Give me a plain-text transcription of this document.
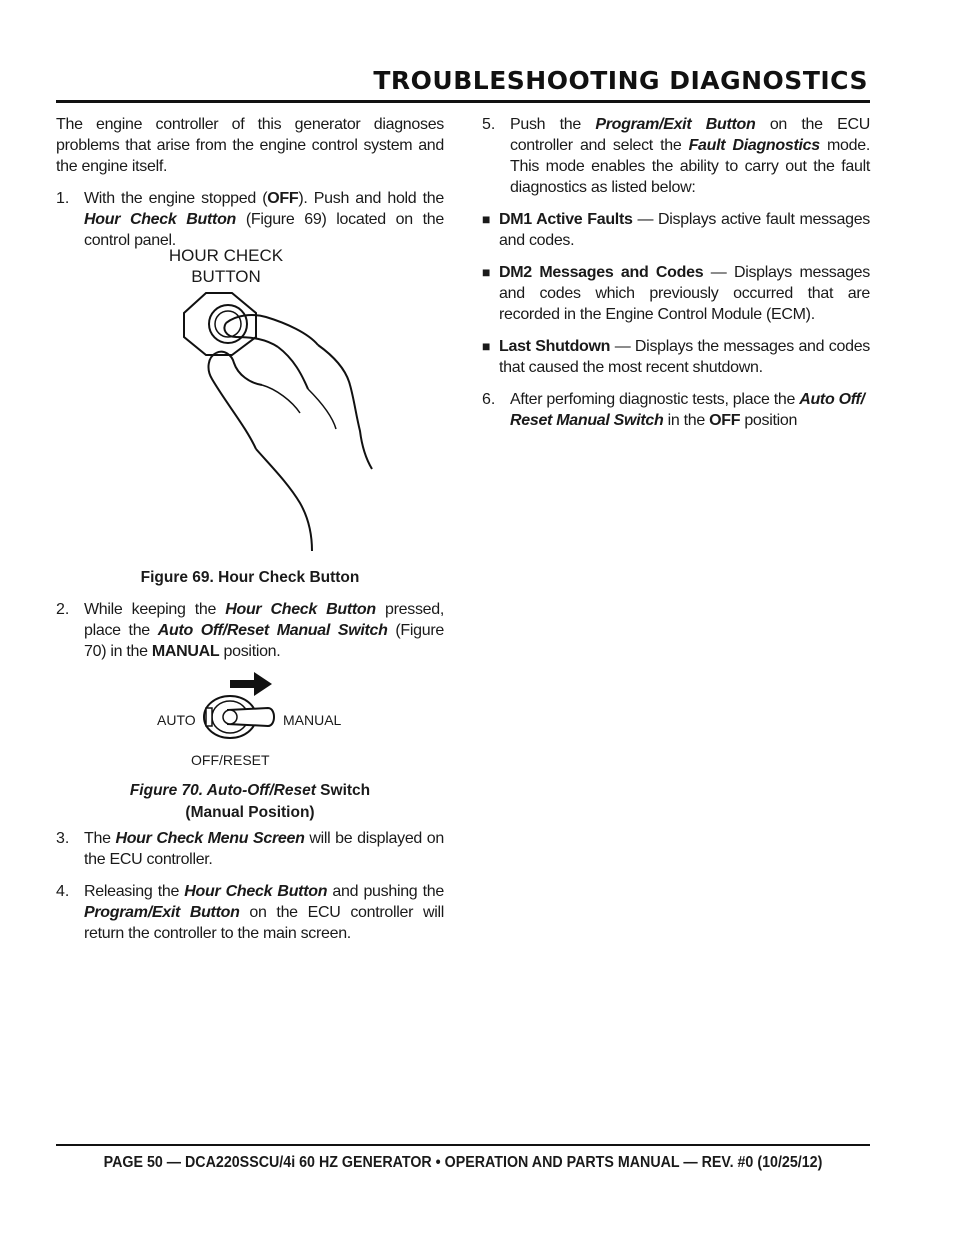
TROUBLESHOOTING DIAGNOSTICS

The engine controller of this generator diagnoses problems that arise from the engine control system and the engine itself.

1. With the engine stopped (OFF). Push and hold the Hour Check Button (Figure 69) located on the control panel.
HOUR CHECK
BUTTON
Figure 69. Hour Check Button
2. While keeping the Hour Check Button pressed, place the Auto Off/Reset Manual Switch (Figure 70) in the MANUAL position.
AUTO	MANUAL
OFF/RESET
Figure 70. Auto-Off/Reset Switch
(Manual Position)
3. The Hour Check Menu Screen will be displayed on the ECU controller.
4. Releasing the Hour Check Button and pushing the Program/Exit Button on the ECU controller will return the controller to the main screen.
5. Push the Program/Exit Button on the ECU controller and select the Fault Diagnostics mode. This mode enables the ability to carry out the fault diagnostics as listed below:
■ DM1 Active Faults — Displays active fault messages and codes.
■ DM2 Messages and Codes — Displays messages and codes which previously occurred that are recorded in the Engine Control Module (ECM).
■ Last Shutdown — Displays the messages and codes that caused the most recent shutdown.
6. After perfoming diagnostic tests, place the Auto Off/ Reset Manual Switch in the OFF position
PAGE 50 — DCA220SSCU/4i 60 HZ GENERATOR • OPERATION AND PARTS MANUAL — REV. #0 (10/25/12)
